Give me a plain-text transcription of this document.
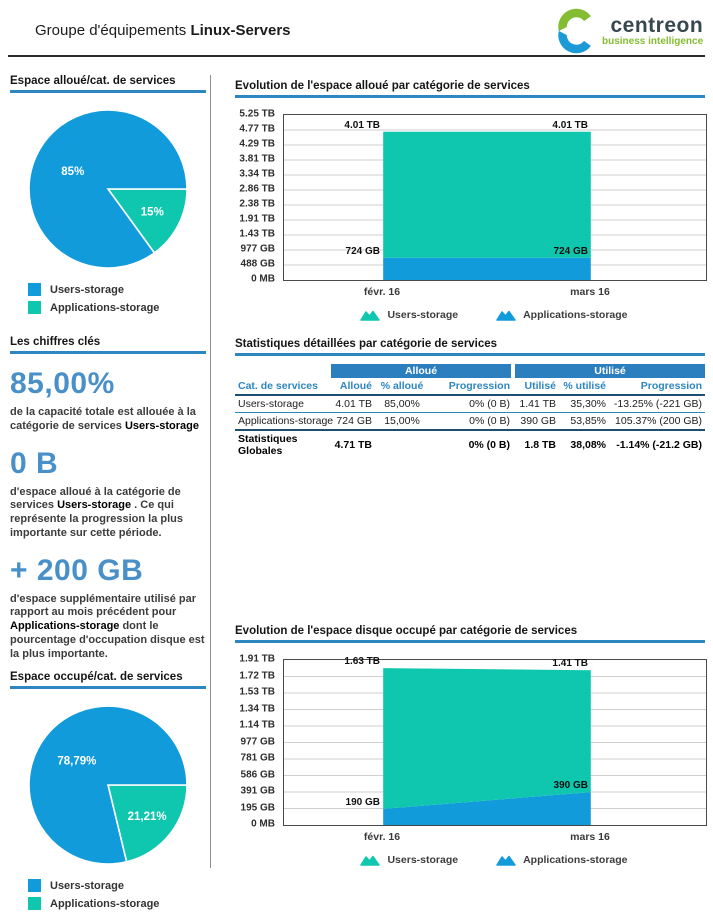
Groupe d'équipements Linux-Servers	centreon
business intelligence
Espace alloué/cat. de services
15%
85%
Users-storage
Applications-storage
Les chiffres clés
85,00%

de la capacité totale est allouée à la catégorie de services Users-storage

0 B

d'espace alloué à la catégorie de services Users-storage . Ce qui représente la progression la plus importante sur cette période.

+ 200 GB

d'espace supplémentaire utilisé par rapport au mois précédent pour Applications-storage dont le pourcentage d'occupation disque est la plus importante.

Espace occupé/cat. de services
21,21%
78,79%
Users-storage
Applications-storage
Evolution de l'espace alloué par catégorie de services
5.25 TB
4.77 TB
4.29 TB
3.81 TB
3.34 TB
2.86 TB
2.38 TB
1.91 TB
1.43 TB
977 GB
488 GB
0 MB
724 GB	724 GB
4.01 TB	4.01 TB
févr. 16	mars 16
Users-storage	Applications-storage
Statistiques détaillées par catégorie de services
	Alloué			Utilisé		
Cat. de services	Alloué	% alloué	Progression	Utilisé	% utilisé	Progression
Users-storage	4.01 TB	85,00%	0% (0 B)	1.41 TB	35,30%	-13.25% (-221 GB)
Applications-storage	724 GB	15,00%	0% (0 B)	390 GB	53,85%	105.37% (200 GB)
Statistiques Globales	4.71 TB		0% (0 B)	1.8 TB	38,08%	-1.14% (-21.2 GB)
Evolution de l'espace disque occupé par catégorie de services
1.91 TB
1.72 TB
1.53 TB
1.34 TB
1.14 TB
977 GB
781 GB
586 GB
391 GB
195 GB
0 MB
190 GB
390 GB
1.63 TB	1.41 TB
févr. 16	mars 16
Users-storage	Applications-storage
